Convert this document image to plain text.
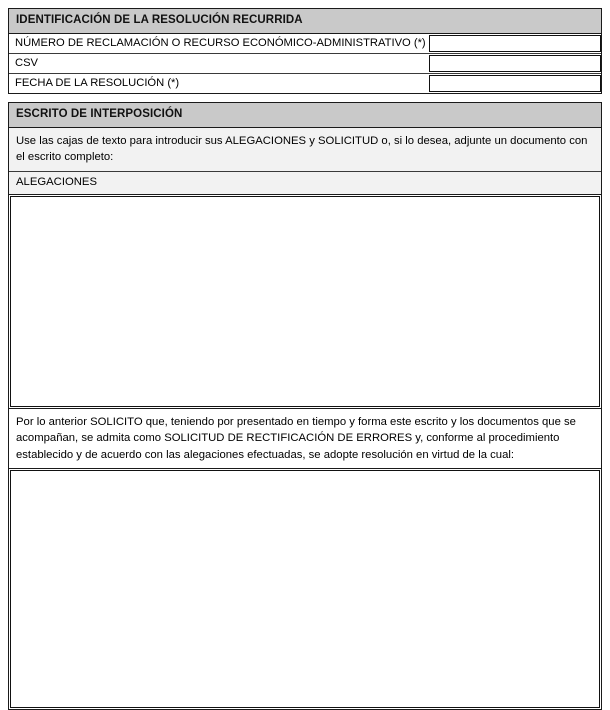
IDENTIFICACIÓN DE LA RESOLUCIÓN RECURRIDA
NÚMERO DE RECLAMACIÓN O RECURSO ECONÓMICO-ADMINISTRATIVO (*)
CSV
FECHA DE LA RESOLUCIÓN (*)
ESCRITO DE INTERPOSICIÓN
Use las cajas de texto para introducir sus ALEGACIONES y SOLICITUD o, si lo desea, adjunte un documento con el escrito completo:
ALEGACIONES
Por lo anterior SOLICITO que, teniendo por presentado en tiempo y forma este escrito y los documentos que se acompañan, se admita como SOLICITUD DE RECTIFICACIÓN DE ERRORES y, conforme al procedimiento establecido y de acuerdo con las alegaciones efectuadas, se adopte resolución en virtud de la cual:
